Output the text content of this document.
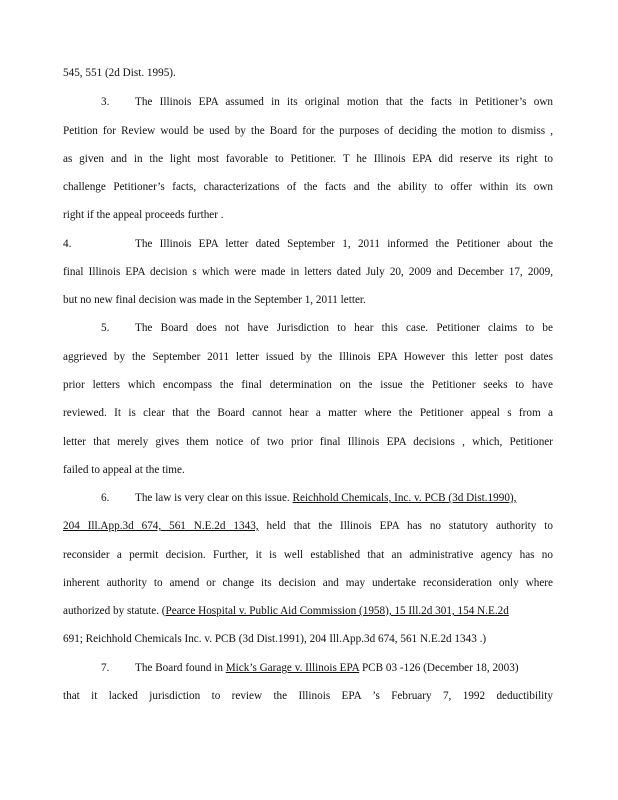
545, 551 (2d Dist. 1995).
3. The Illinois EPA assumed in its original motion that the facts in Petitioner’s own
Petition for Review would be used by the Board for the purposes of deciding the motion to dismiss ,
as given and in the light most favorable to Petitioner. T he Illinois EPA did reserve its right to
challenge Petitioner’s facts, characterizations of the facts and the ability to offer within its own
right if the appeal proceeds further .
4.	The Illinois EPA letter dated September 1, 2011 informed the Petitioner about the
final Illinois EPA decision s which were made in letters dated July 20, 2009 and December 17, 2009,
but no new final decision was made in the September 1, 2011 letter.
5. The Board does not have Jurisdiction to hear this case. Petitioner claims to be
aggrieved by the September 2011 letter issued by the Illinois EPA However this letter post dates
prior letters which encompass the final determination on the issue the Petitioner seeks to have
reviewed. It is clear that the Board cannot hear a matter where the Petitioner appeal s from a
letter that merely gives them notice of two prior final Illinois EPA decisions , which, Petitioner
failed to appeal at the time.
6. The law is very clear on this issue. Reichhold Chemicals, Inc. v. PCB (3d Dist.1990),
204 Ill.App.3d 674, 561 N.E.2d 1343, held that the Illinois EPA has no statutory authority to
reconsider a permit decision. Further, it is well established that an administrative agency has no
inherent authority to amend or change its decision and may undertake reconsideration only where
authorized by statute. (Pearce Hospital v. Public Aid Commission (1958), 15 Ill.2d 301, 154 N.E.2d
691; Reichhold Chemicals Inc. v. PCB (3d Dist.1991), 204 Ill.App.3d 674, 561 N.E.2d 1343 .)
7. The Board found in Mick’s Garage v. Illinois EPA PCB 03 -126 (December 18, 2003)
that it lacked jurisdiction to review the Illinois EPA ’s February 7, 1992 deductibility
